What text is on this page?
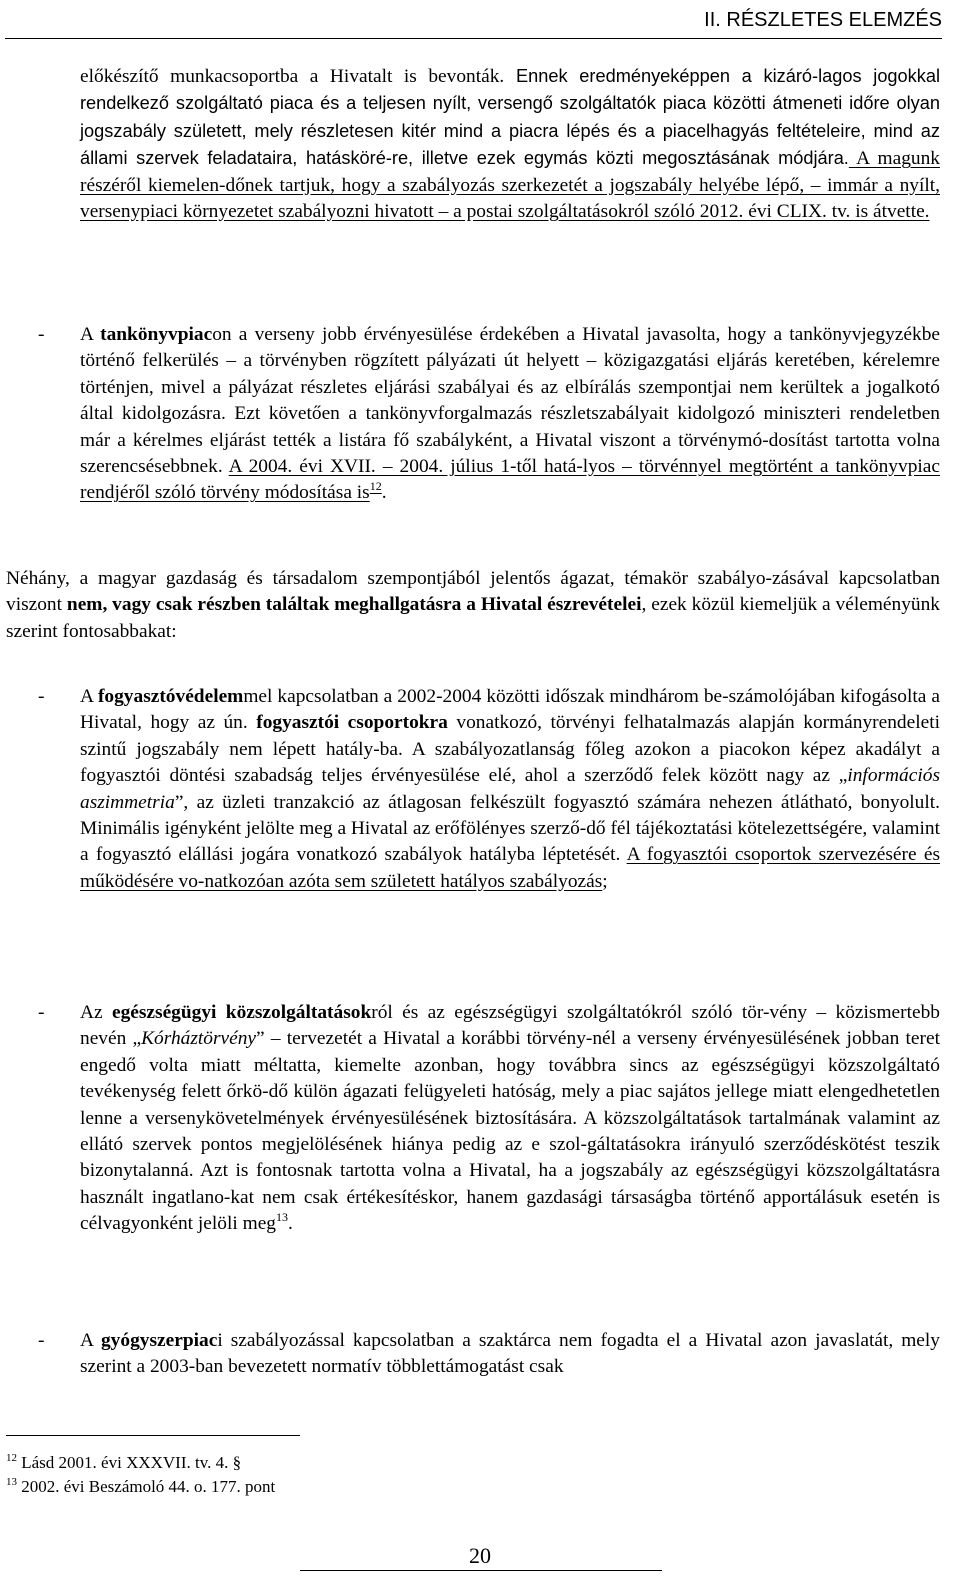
II. RÉSZLETES ELEMZÉS

előkészítő munkacsoportba a Hivatalt is bevonták. Ennek eredményeképpen a kizáró-lagos jogokkal rendelkező szolgáltató piaca és a teljesen nyílt, versengő szolgáltatók piaca közötti átmeneti időre olyan jogszabály született, mely részletesen kitér mind a piacra lépés és a piacelhagyás feltételeire, mind az állami szervek feladataira, hatásköré-re, illetve ezek egymás közti megosztásának módjára. A magunk részéről kiemelen-dőnek tartjuk, hogy a szabályozás szerkezetét a jogszabály helyébe lépő, – immár a nyílt, versenypiaci környezetet szabályozni hivatott – a postai szolgáltatásokról szóló 2012. évi CLIX. tv. is átvette.

- A tankönyvpiacon a verseny jobb érvényesülése érdekében a Hivatal javasolta, hogy a tankönyvjegyzékbe történő felkerülés – a törvényben rögzített pályázati út helyett – közigazgatási eljárás keretében, kérelemre történjen, mivel a pályázat részletes eljárási szabályai és az elbírálás szempontjai nem kerültek a jogalkotó által kidolgozásra. Ezt követően a tankönyvforgalmazás részletszabályait kidolgozó miniszteri rendeletben már a kérelmes eljárást tették a listára fő szabályként, a Hivatal viszont a törvénymó-dosítást tartotta volna szerencsésebbnek. A 2004. évi XVII. – 2004. július 1-től hatá-lyos – törvénnyel megtörtént a tankönyvpiac rendjéről szóló törvény módosítása $is^{12}$.

Néhány, a magyar gazdaság és társadalom szempontjából jelentős ágazat, témakör szabályo-zásával kapcsolatban viszont nem, vagy csak részben találtak meghallgatásra a Hivatal észrevételei, ezek közül kiemeljük a véleményünk szerint fontosabbakat:

- A fogyasztóvédelemmel kapcsolatban a 2002-2004 közötti időszak mindhárom be-számolójában kifogásolta a Hivatal, hogy az ún. fogyasztói csoportokra vonatkozó, törvényi felhatalmazás alapján kormányrendeleti szintű jogszabály nem lépett hatály-ba. A szabályozatlanság főleg azokon a piacokon képez akadályt a fogyasztói döntési szabadság teljes érvényesülése elé, ahol a szerződő felek között nagy az „információs aszimmetria”, az üzleti tranzakció az átlagosan felkészült fogyasztó számára nehezen átlátható, bonyolult. Minimális igényként jelölte meg a Hivatal az erőfölényes szerző-dő fél tájékoztatási kötelezettségére, valamint a fogyasztó elállási jogára vonatkozó szabályok hatályba léptetését. A fogyasztói csoportok szervezésére és működésére vo-natkozóan azóta sem született hatályos szabályozás;

- Az egészségügyi közszolgáltatásokról és az egészségügyi szolgáltatókról szóló tör-vény – közismertebb nevén „Kórháztörvény” – tervezetét a Hivatal a korábbi törvény-nél a verseny érvényesülésének jobban teret engedő volta miatt méltatta, kiemelte azonban, hogy továbbra sincs az egészségügyi közszolgáltató tevékenység felett őrkö-dő külön ágazati felügyeleti hatóság, mely a piac sajátos jellege miatt elengedhetetlen lenne a versenykövetelmények érvényesülésének biztosítására. A közszolgáltatások tartalmának valamint az ellátó szervek pontos megjelölésének hiánya pedig az e szol-gáltatásokra irányuló szerződéskötést teszik bizonytalanná. Azt is fontosnak tartotta volna a Hivatal, ha a jogszabály az egészségügyi közszolgáltatásra használt ingatlano-kat nem csak értékesítéskor, hanem gazdasági társaságba történő apportálásuk esetén is célvagyonként jelöli meg$^{13}$.

- A gyógyszerpiaci szabályozással kapcsolatban a szaktárca nem fogadta el a Hivatal azon javaslatát, mely szerint a 2003-ban bevezetett normatív többlettámogatást csak

$^{12}$ Lásd 2001. évi XXXVII. tv. 4. §
$^{13}$ 2002. évi Beszámoló 44. o. 177. pont
20
